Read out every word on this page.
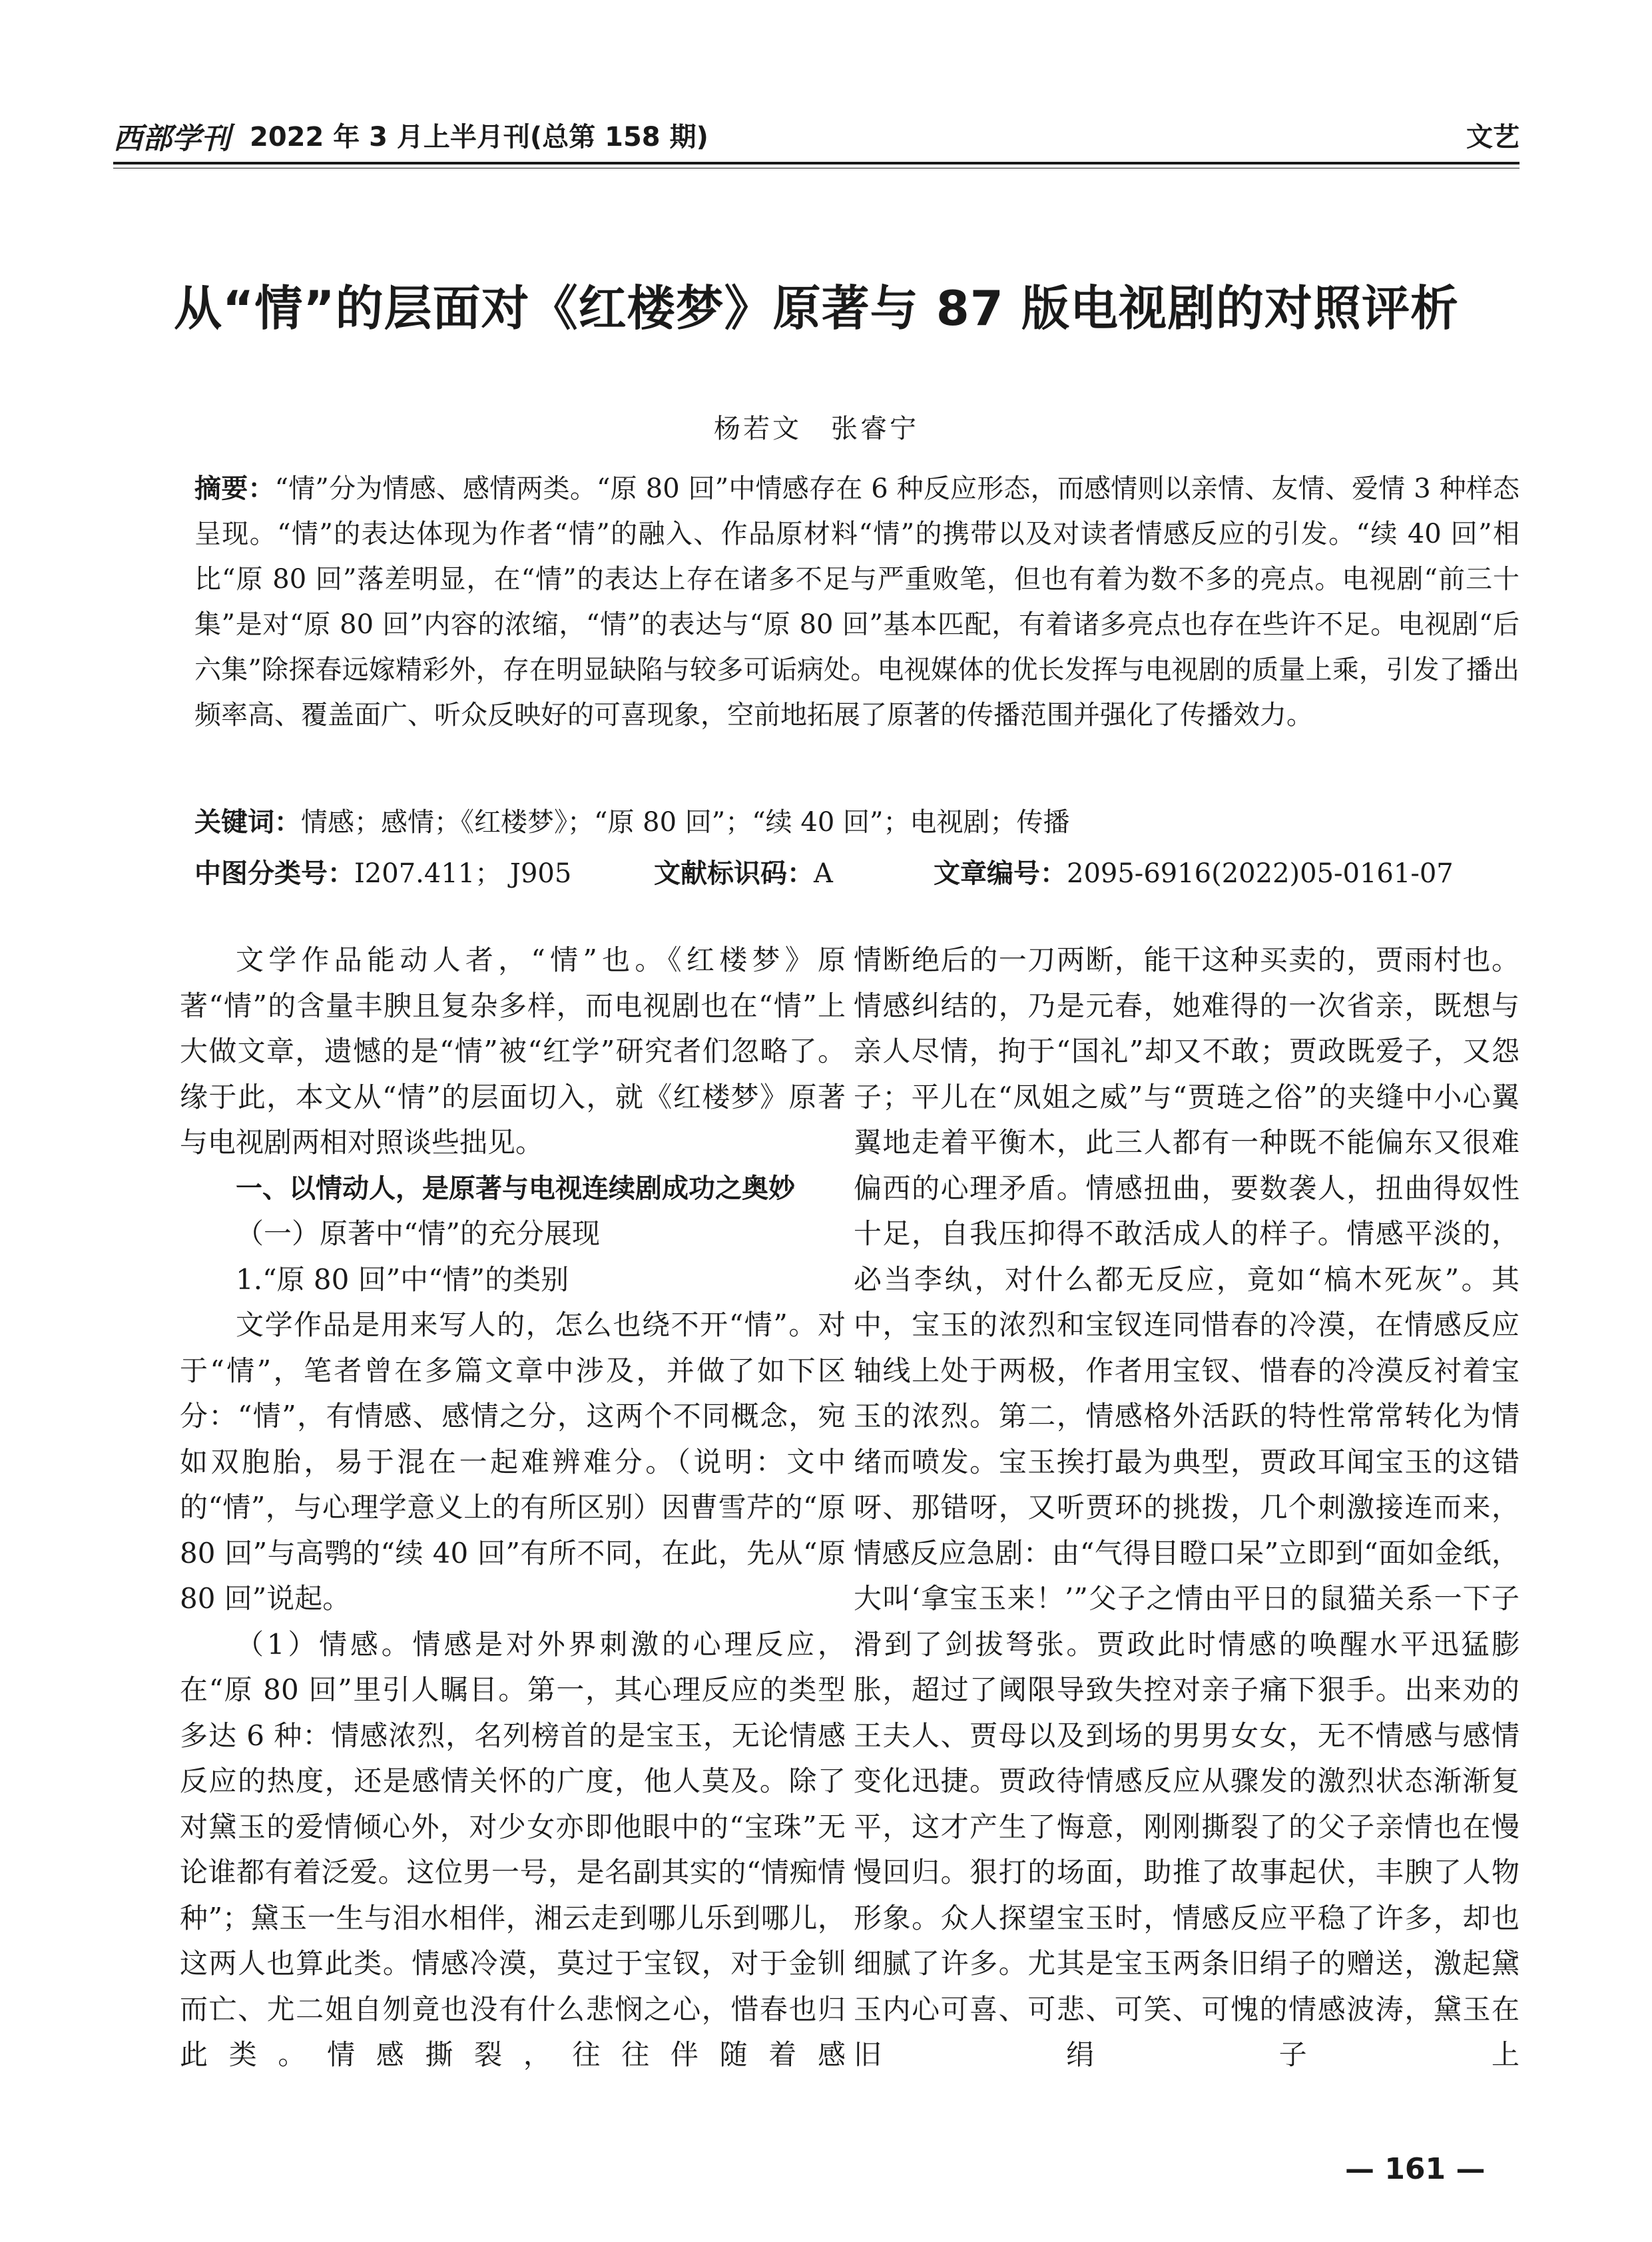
西部学刊 2022 年 3 月上半月刊(总第 158 期)	文艺
从“情”的层面对《红楼梦》原著与 87 版电视剧的对照评析
杨若文　张睿宁

摘要：“情”分为情感、感情两类。“原 80 回”中情感存在 6 种反应形态，而感情则以亲情、友情、爱情 3 种样态呈现。“情”的表达体现为作者“情”的融入、作品原材料“情”的携带以及对读者情感反应的引发。“续 40 回”相比“原 80 回”落差明显，在“情”的表达上存在诸多不足与严重败笔，但也有着为数不多的亮点。电视剧“前三十集”是对“原 80 回”内容的浓缩，“情”的表达与“原 80 回”基本匹配，有着诸多亮点也存在些许不足。电视剧“后六集”除探春远嫁精彩外，存在明显缺陷与较多可诟病处。电视媒体的优长发挥与电视剧的质量上乘，引发了播出频率高、覆盖面广、听众反映好的可喜现象，空前地拓展了原著的传播范围并强化了传播效力。

关键词：情感；感情；《红楼梦》；“原 80 回”；“续 40 回”；电视剧；传播
中图分类号：I207.411； J905	文献标识码：A	文章编号：2095-6916(2022)05-0161-07

文学作品能动人者，“情”也。《红楼梦》原著“情”的含量丰腴且复杂多样，而电视剧也在“情”上大做文章，遗憾的是“情”被“红学”研究者们忽略了。缘于此，本文从“情”的层面切入，就《红楼梦》原著与电视剧两相对照谈些拙见。

一、以情动人，是原著与电视连续剧成功之奥妙

（一）原著中“情”的充分展现

1.“原 80 回”中“情”的类别

文学作品是用来写人的，怎么也绕不开“情”。对于“情”，笔者曾在多篇文章中涉及，并做了如下区分：“情”，有情感、感情之分，这两个不同概念，宛如双胞胎，易于混在一起难辨难分。（说明：文中的“情”，与心理学意义上的有所区别）因曹雪芹的“原 80 回”与高鹗的“续 40 回”有所不同，在此，先从“原 80 回”说起。

（1）情感。情感是对外界刺激的心理反应，在“原 80 回”里引人瞩目。第一，其心理反应的类型多达 6 种：情感浓烈，名列榜首的是宝玉，无论情感反应的热度，还是感情关怀的广度，他人莫及。除了对黛玉的爱情倾心外，对少女亦即他眼中的“宝珠”无论谁都有着泛爱。这位男一号，是名副其实的“情痴情种”；黛玉一生与泪水相伴，湘云走到哪儿乐到哪儿，这两人也算此类。情感冷漠，莫过于宝钗，对于金钏而亡、尤二姐自刎竟也没有什么悲悯之心，惜春也归此类。情感撕裂，往往伴随着感

情断绝后的一刀两断，能干这种买卖的，贾雨村也。情感纠结的，乃是元春，她难得的一次省亲，既想与亲人尽情，拘于“国礼”却又不敢；贾政既爱子，又怨子；平儿在“凤姐之威”与“贾琏之俗”的夹缝中小心翼翼地走着平衡木，此三人都有一种既不能偏东又很难偏西的心理矛盾。情感扭曲，要数袭人，扭曲得奴性十足，自我压抑得不敢活成人的样子。情感平淡的，必当李纨，对什么都无反应，竟如“槁木死灰”。其中，宝玉的浓烈和宝钗连同惜春的冷漠，在情感反应轴线上处于两极，作者用宝钗、惜春的冷漠反衬着宝玉的浓烈。第二，情感格外活跃的特性常常转化为情绪而喷发。宝玉挨打最为典型，贾政耳闻宝玉的这错呀、那错呀，又听贾环的挑拨，几个刺激接连而来，情感反应急剧：由“气得目瞪口呆”立即到“面如金纸，大叫‘拿宝玉来！’”父子之情由平日的鼠猫关系一下子滑到了剑拔弩张。贾政此时情感的唤醒水平迅猛膨胀，超过了阈限导致失控对亲子痛下狠手。出来劝的王夫人、贾母以及到场的男男女女，无不情感与感情变化迅捷。贾政待情感反应从骤发的激烈状态渐渐复平，这才产生了悔意，刚刚撕裂了的父子亲情也在慢慢回归。狠打的场面，助推了故事起伏，丰腴了人物形象。众人探望宝玉时，情感反应平稳了许多，却也细腻了许多。尤其是宝玉两条旧绢子的赠送，激起黛玉内心可喜、可悲、可笑、可愧的情感波涛，黛玉在旧绢子上

— 161 —
